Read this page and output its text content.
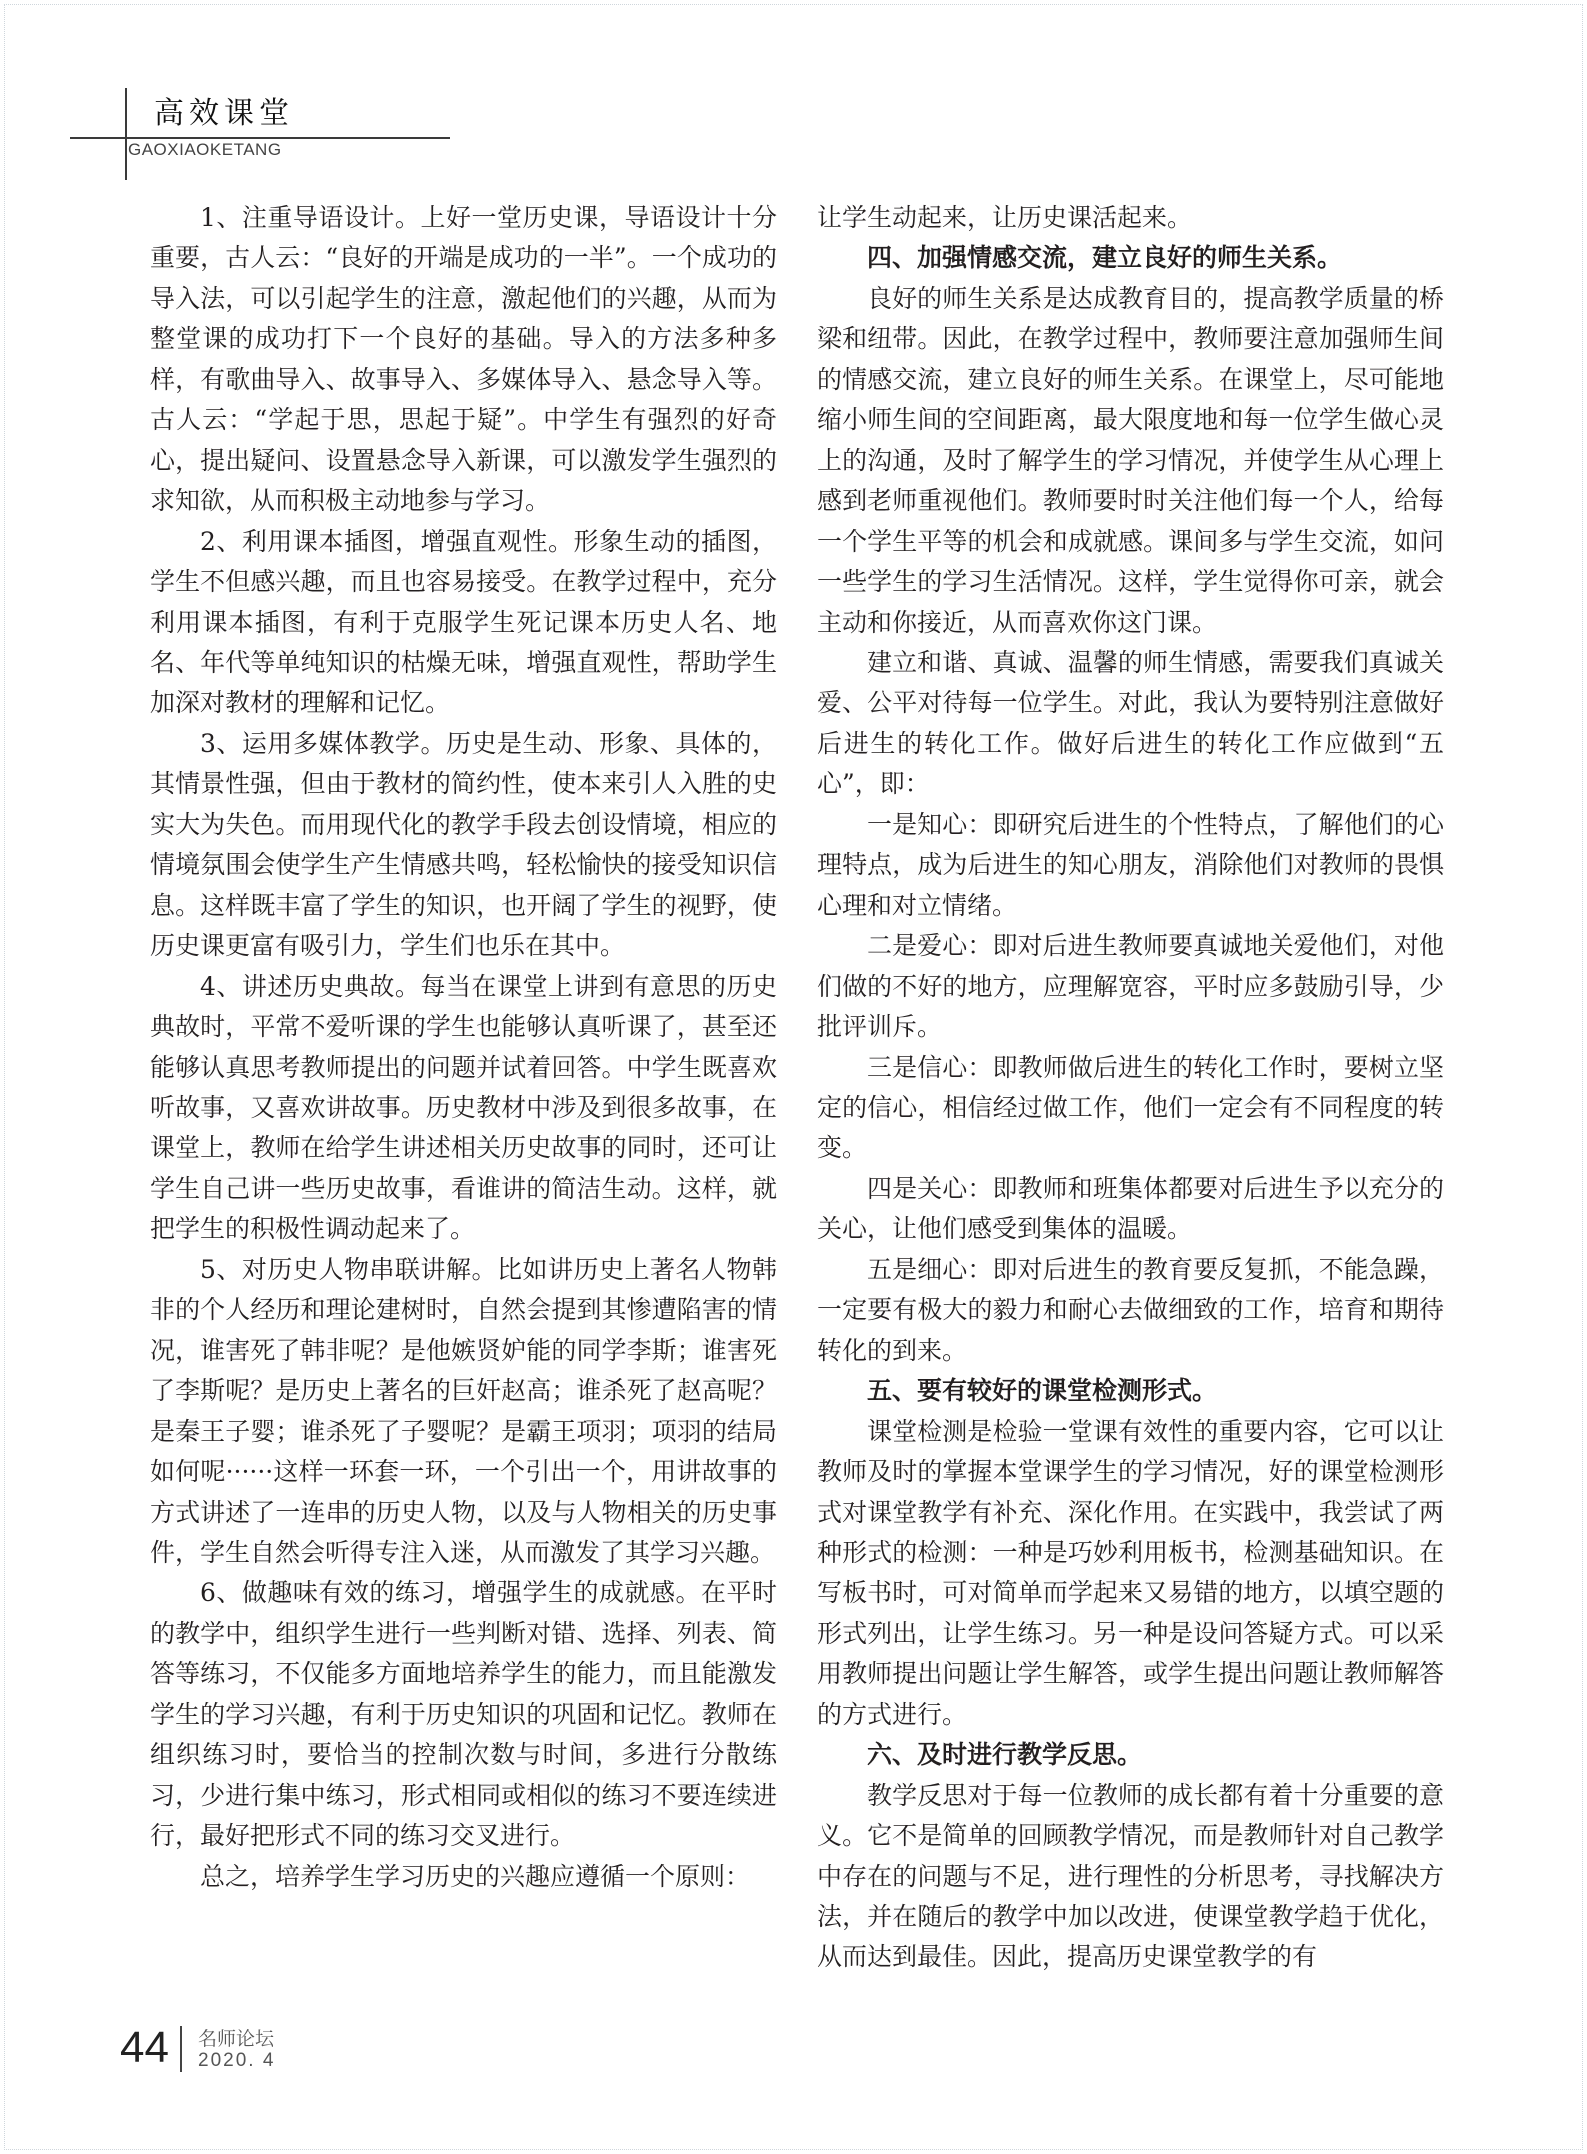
高效课堂
GAOXIAOKETANG

1、注重导语设计。上好一堂历史课，导语设计十分重要，古人云：“良好的开端是成功的一半”。一个成功的导入法，可以引起学生的注意，激起他们的兴趣，从而为整堂课的成功打下一个良好的基础。导入的方法多种多样，有歌曲导入、故事导入、多媒体导入、悬念导入等。古人云：“学起于思，思起于疑”。中学生有强烈的好奇心，提出疑问、设置悬念导入新课，可以激发学生强烈的求知欲，从而积极主动地参与学习。

2、利用课本插图，增强直观性。形象生动的插图，学生不但感兴趣，而且也容易接受。在教学过程中，充分利用课本插图，有利于克服学生死记课本历史人名、地名、年代等单纯知识的枯燥无味，增强直观性，帮助学生加深对教材的理解和记忆。

3、运用多媒体教学。历史是生动、形象、具体的，其情景性强，但由于教材的简约性，使本来引人入胜的史实大为失色。而用现代化的教学手段去创设情境，相应的情境氛围会使学生产生情感共鸣，轻松愉快的接受知识信息。这样既丰富了学生的知识，也开阔了学生的视野，使历史课更富有吸引力，学生们也乐在其中。

4、讲述历史典故。每当在课堂上讲到有意思的历史典故时，平常不爱听课的学生也能够认真听课了，甚至还能够认真思考教师提出的问题并试着回答。中学生既喜欢听故事，又喜欢讲故事。历史教材中涉及到很多故事，在课堂上，教师在给学生讲述相关历史故事的同时，还可让学生自己讲一些历史故事，看谁讲的简洁生动。这样，就把学生的积极性调动起来了。

5、对历史人物串联讲解。比如讲历史上著名人物韩非的个人经历和理论建树时，自然会提到其惨遭陷害的情况，谁害死了韩非呢？是他嫉贤妒能的同学李斯；谁害死了李斯呢？是历史上著名的巨奸赵高；谁杀死了赵高呢？是秦王子婴；谁杀死了子婴呢？是霸王项羽；项羽的结局如何呢······这样一环套一环，一个引出一个，用讲故事的方式讲述了一连串的历史人物，以及与人物相关的历史事件，学生自然会听得专注入迷，从而激发了其学习兴趣。

6、做趣味有效的练习，增强学生的成就感。在平时的教学中，组织学生进行一些判断对错、选择、列表、简答等练习，不仅能多方面地培养学生的能力，而且能激发学生的学习兴趣，有利于历史知识的巩固和记忆。教师在组织练习时，要恰当的控制次数与时间，多进行分散练习，少进行集中练习，形式相同或相似的练习不要连续进行，最好把形式不同的练习交叉进行。

总之，培养学生学习历史的兴趣应遵循一个原则：

让学生动起来，让历史课活起来。

四、加强情感交流，建立良好的师生关系。

良好的师生关系是达成教育目的，提高教学质量的桥梁和纽带。因此，在教学过程中，教师要注意加强师生间的情感交流，建立良好的师生关系。在课堂上，尽可能地缩小师生间的空间距离，最大限度地和每一位学生做心灵上的沟通，及时了解学生的学习情况，并使学生从心理上感到老师重视他们。教师要时时关注他们每一个人，给每一个学生平等的机会和成就感。课间多与学生交流，如问一些学生的学习生活情况。这样，学生觉得你可亲，就会主动和你接近，从而喜欢你这门课。

建立和谐、真诚、温馨的师生情感，需要我们真诚关爱、公平对待每一位学生。对此，我认为要特别注意做好后进生的转化工作。做好后进生的转化工作应做到“五心”，即：

一是知心：即研究后进生的个性特点，了解他们的心理特点，成为后进生的知心朋友，消除他们对教师的畏惧心理和对立情绪。

二是爱心：即对后进生教师要真诚地关爱他们，对他们做的不好的地方，应理解宽容，平时应多鼓励引导，少批评训斥。

三是信心：即教师做后进生的转化工作时，要树立坚定的信心，相信经过做工作，他们一定会有不同程度的转变。

四是关心：即教师和班集体都要对后进生予以充分的关心，让他们感受到集体的温暖。

五是细心：即对后进生的教育要反复抓，不能急躁，一定要有极大的毅力和耐心去做细致的工作，培育和期待转化的到来。

五、要有较好的课堂检测形式。

课堂检测是检验一堂课有效性的重要内容，它可以让教师及时的掌握本堂课学生的学习情况，好的课堂检测形式对课堂教学有补充、深化作用。在实践中，我尝试了两种形式的检测：一种是巧妙利用板书，检测基础知识。在写板书时，可对简单而学起来又易错的地方，以填空题的形式列出，让学生练习。另一种是设问答疑方式。可以采用教师提出问题让学生解答，或学生提出问题让教师解答的方式进行。

六、及时进行教学反思。

教学反思对于每一位教师的成长都有着十分重要的意义。它不是简单的回顾教学情况，而是教师针对自己教学中存在的问题与不足，进行理性的分析思考，寻找解决方法，并在随后的教学中加以改进，使课堂教学趋于优化，从而达到最佳。因此，提高历史课堂教学的有

44 名师论坛
2020. 4
